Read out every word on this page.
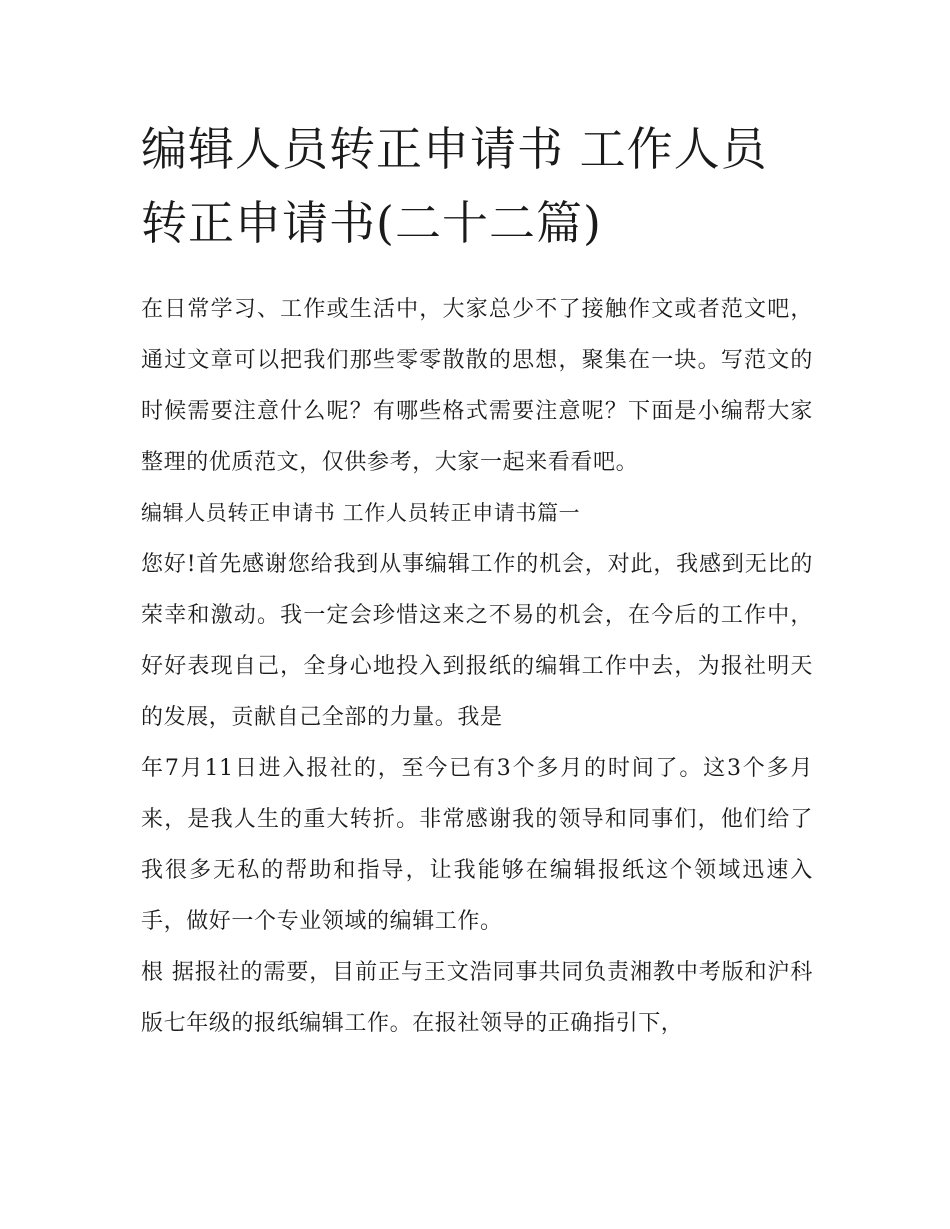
编辑人员转正申请书 工作人员转正申请书(二十二篇)

在日常学习、工作或生活中，大家总少不了接触作文或者范文吧，通过文章可以把我们那些零零散散的思想，聚集在一块。写范文的时候需要注意什么呢？有哪些格式需要注意呢？下面是小编帮大家整理的优质范文，仅供参考，大家一起来看看吧。

编辑人员转正申请书 工作人员转正申请书篇一

您好!首先感谢您给我到从事编辑工作的机会，对此，我感到无比的荣幸和激动。我一定会珍惜这来之不易的机会，在今后的工作中，好好表现自己，全身心地投入到报纸的编辑工作中去，为报社明天的发展，贡献自己全部的力量。我是

年7月11日进入报社的，至今已有3个多月的时间了。这3个多月来，是我人生的重大转折。非常感谢我的领导和同事们，他们给了我很多无私的帮助和指导，让我能够在编辑报纸这个领域迅速入手，做好一个专业领域的编辑工作。

根 据报社的需要，目前正与王文浩同事共同负责湘教中考版和沪科版七年级的报纸编辑工作。在报社领导的正确指引下，
